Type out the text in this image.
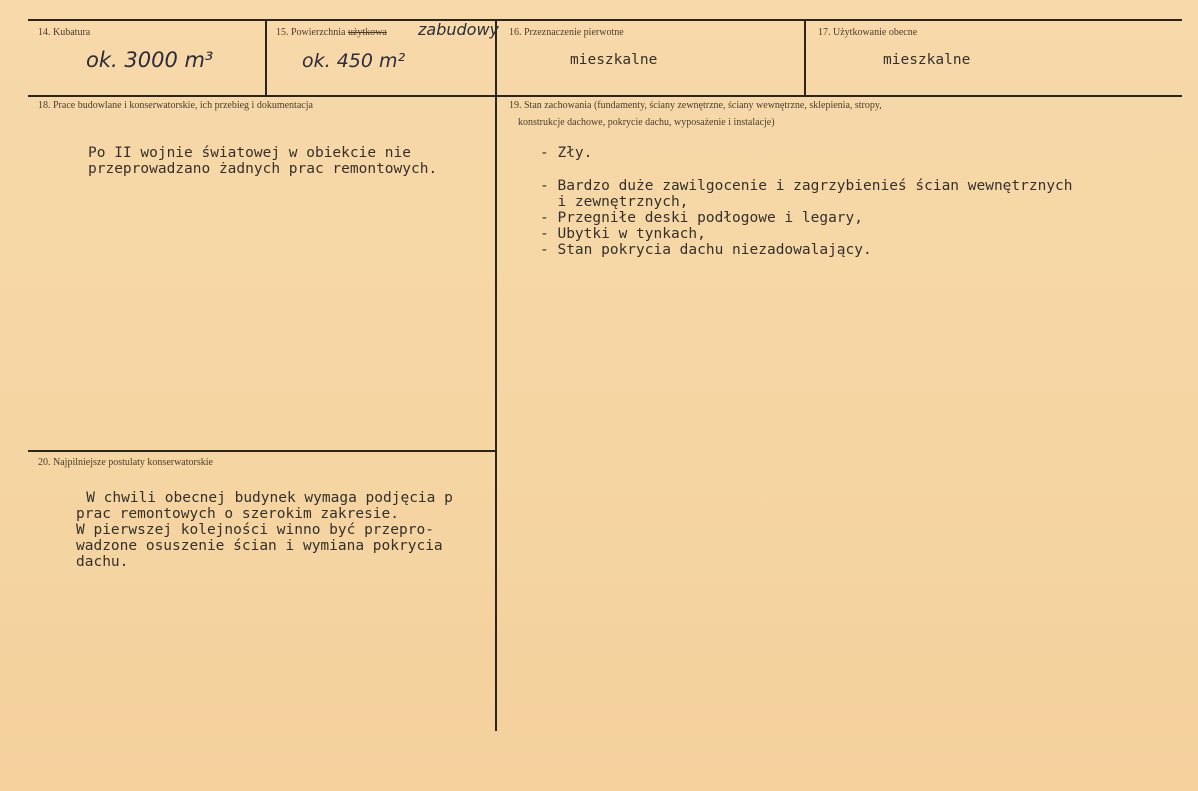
14. Kubatura
ok. 3000 m³
15. Powierzchnia użytkowa zabudowy
ok. 450 m²
16. Przeznaczenie pierwotne
mieszkalne
17. Użytkowanie obecne
mieszkalne
18. Prace budowlane i konserwatorskie, ich przebieg i dokumentacja
Po II wojnie światowej w obiekcie nie
przeprowadzano żadnych prac remontowych.
19. Stan zachowania (fundamenty, ściany zewnętrzne, ściany wewnętrzne, sklepienia, stropy,
konstrukcje dachowe, pokrycie dachu, wyposażenie i instalacje)
- Zły.
- Bardzo duże zawilgocenie i zagrzybienieś ścian wewnętrznych
i zewnętrznych,
- Przegniłe deski podłogowe i legary,
- Ubytki w tynkach,
- Stan pokrycia dachu niezadowalający.
20. Najpilniejsze postulaty konserwatorskie
W chwili obecnej budynek wymaga podjęcia p
prac remontowych o szerokim zakresie.
W pierwszej kolejności winno być przepro-
wadzone osuszenie ścian i wymiana pokrycia
dachu.
